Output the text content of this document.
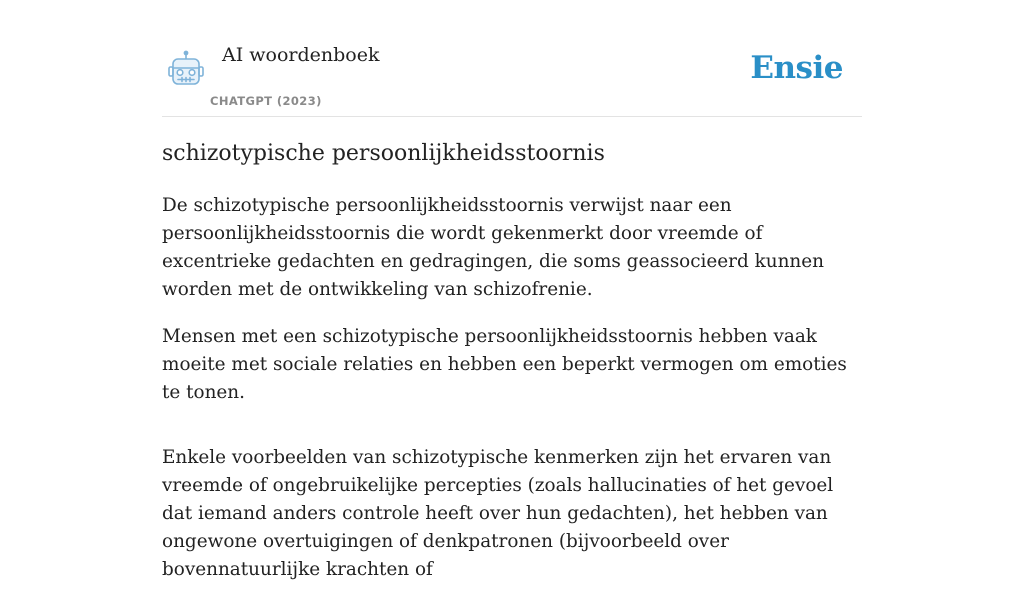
AI woordenboek
CHATGPT (2023)
Ensie
schizotypische persoonlijkheidsstoornis

De schizotypische persoonlijkheidsstoornis verwijst naar een persoonlijkheidsstoornis die wordt gekenmerkt door vreemde of excentrieke gedachten en gedragingen, die soms geassocieerd kunnen worden met de ontwikkeling van schizofrenie.

Mensen met een schizotypische persoonlijkheidsstoornis hebben vaak moeite met sociale relaties en hebben een beperkt vermogen om emoties te tonen.

Enkele voorbeelden van schizotypische kenmerken zijn het ervaren van vreemde of ongebruikelijke percepties (zoals hallucinaties of het gevoel dat iemand anders controle heeft over hun gedachten), het hebben van ongewone overtuigingen of denkpatronen (bijvoorbeeld over bovennatuurlijke krachten of
